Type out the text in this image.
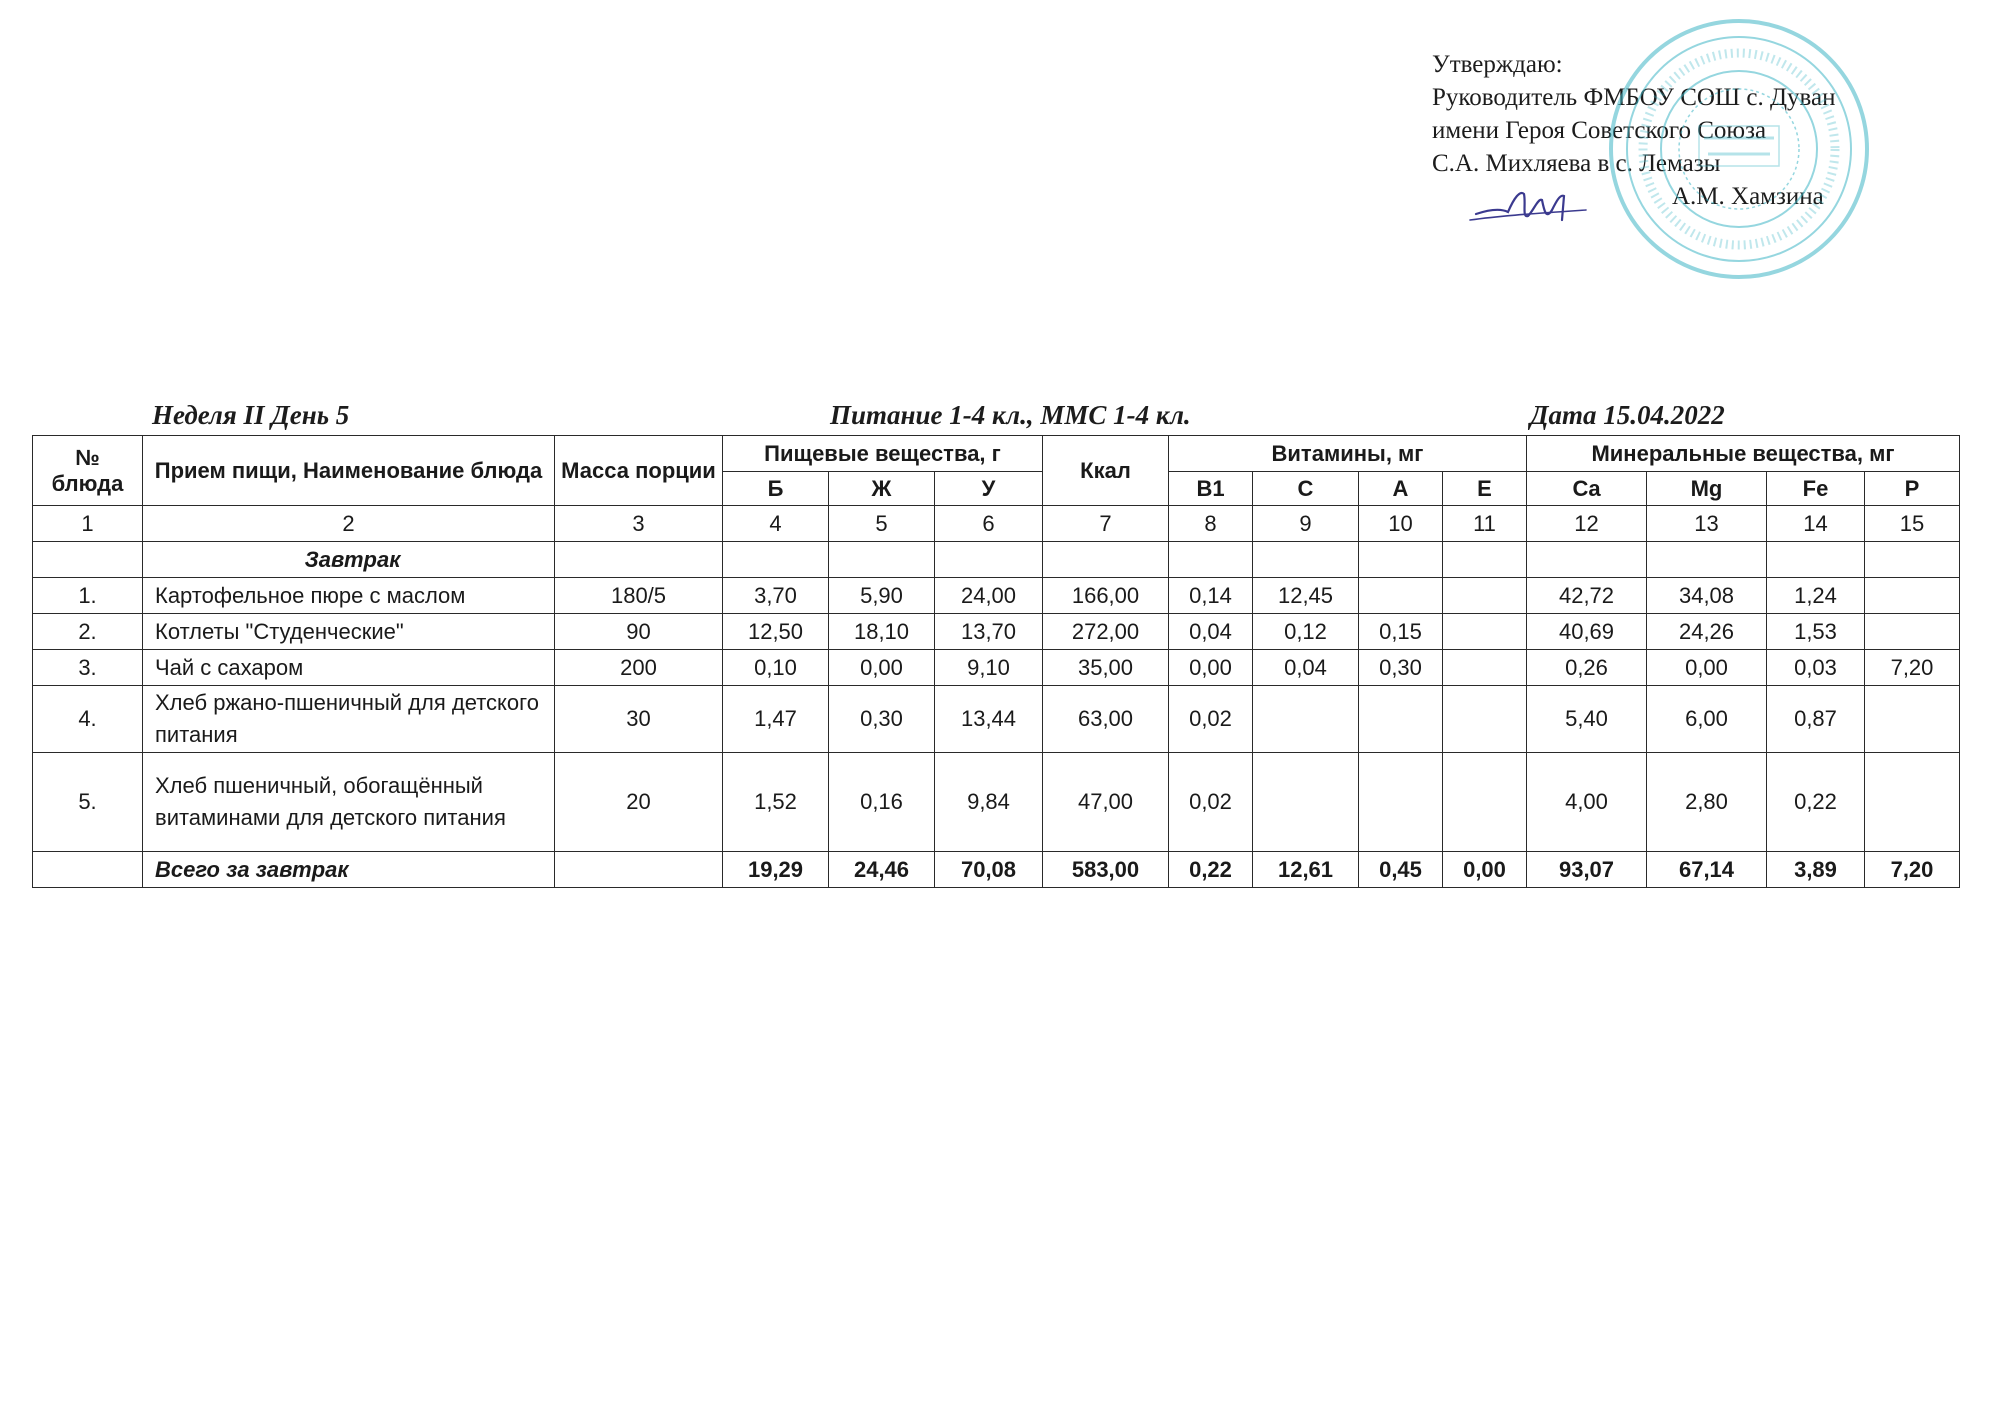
Утверждаю:
Руководитель ФМБОУ СОШ с. Дуван
имени Героя Советского Союза
С.А. Михляева в с. Лемазы
А.М. Хамзина
Неделя II День 5	Питание 1-4 кл., ММС 1-4 кл.	Дата 15.04.2022
№ блюда	Прием пищи, Наименование блюда	Масса порции	Пищевые вещества, г			Ккал	Витамины, мг				Минеральные вещества, мг			
			Б	Ж	У		B1	C	A	E	Ca	Mg	Fe	P
1	2	3	4	5	6	7	8	9	10	11	12	13	14	15
	Завтрак													
1.	Картофельное пюре с маслом	180/5	3,70	5,90	24,00	166,00	0,14	12,45			42,72	34,08	1,24	
2.	Котлеты "Студенческие"	90	12,50	18,10	13,70	272,00	0,04	0,12	0,15		40,69	24,26	1,53	
3.	Чай с сахаром	200	0,10	0,00	9,10	35,00	0,00	0,04	0,30		0,26	0,00	0,03	7,20
4.	Хлеб ржано-пшеничный для детского питания	30	1,47	0,30	13,44	63,00	0,02				5,40	6,00	0,87	
5.	Хлеб пшеничный, обогащённый витаминами для детского питания	20	1,52	0,16	9,84	47,00	0,02				4,00	2,80	0,22	
	Всего за завтрак		19,29	24,46	70,08	583,00	0,22	12,61	0,45	0,00	93,07	67,14	3,89	7,20
